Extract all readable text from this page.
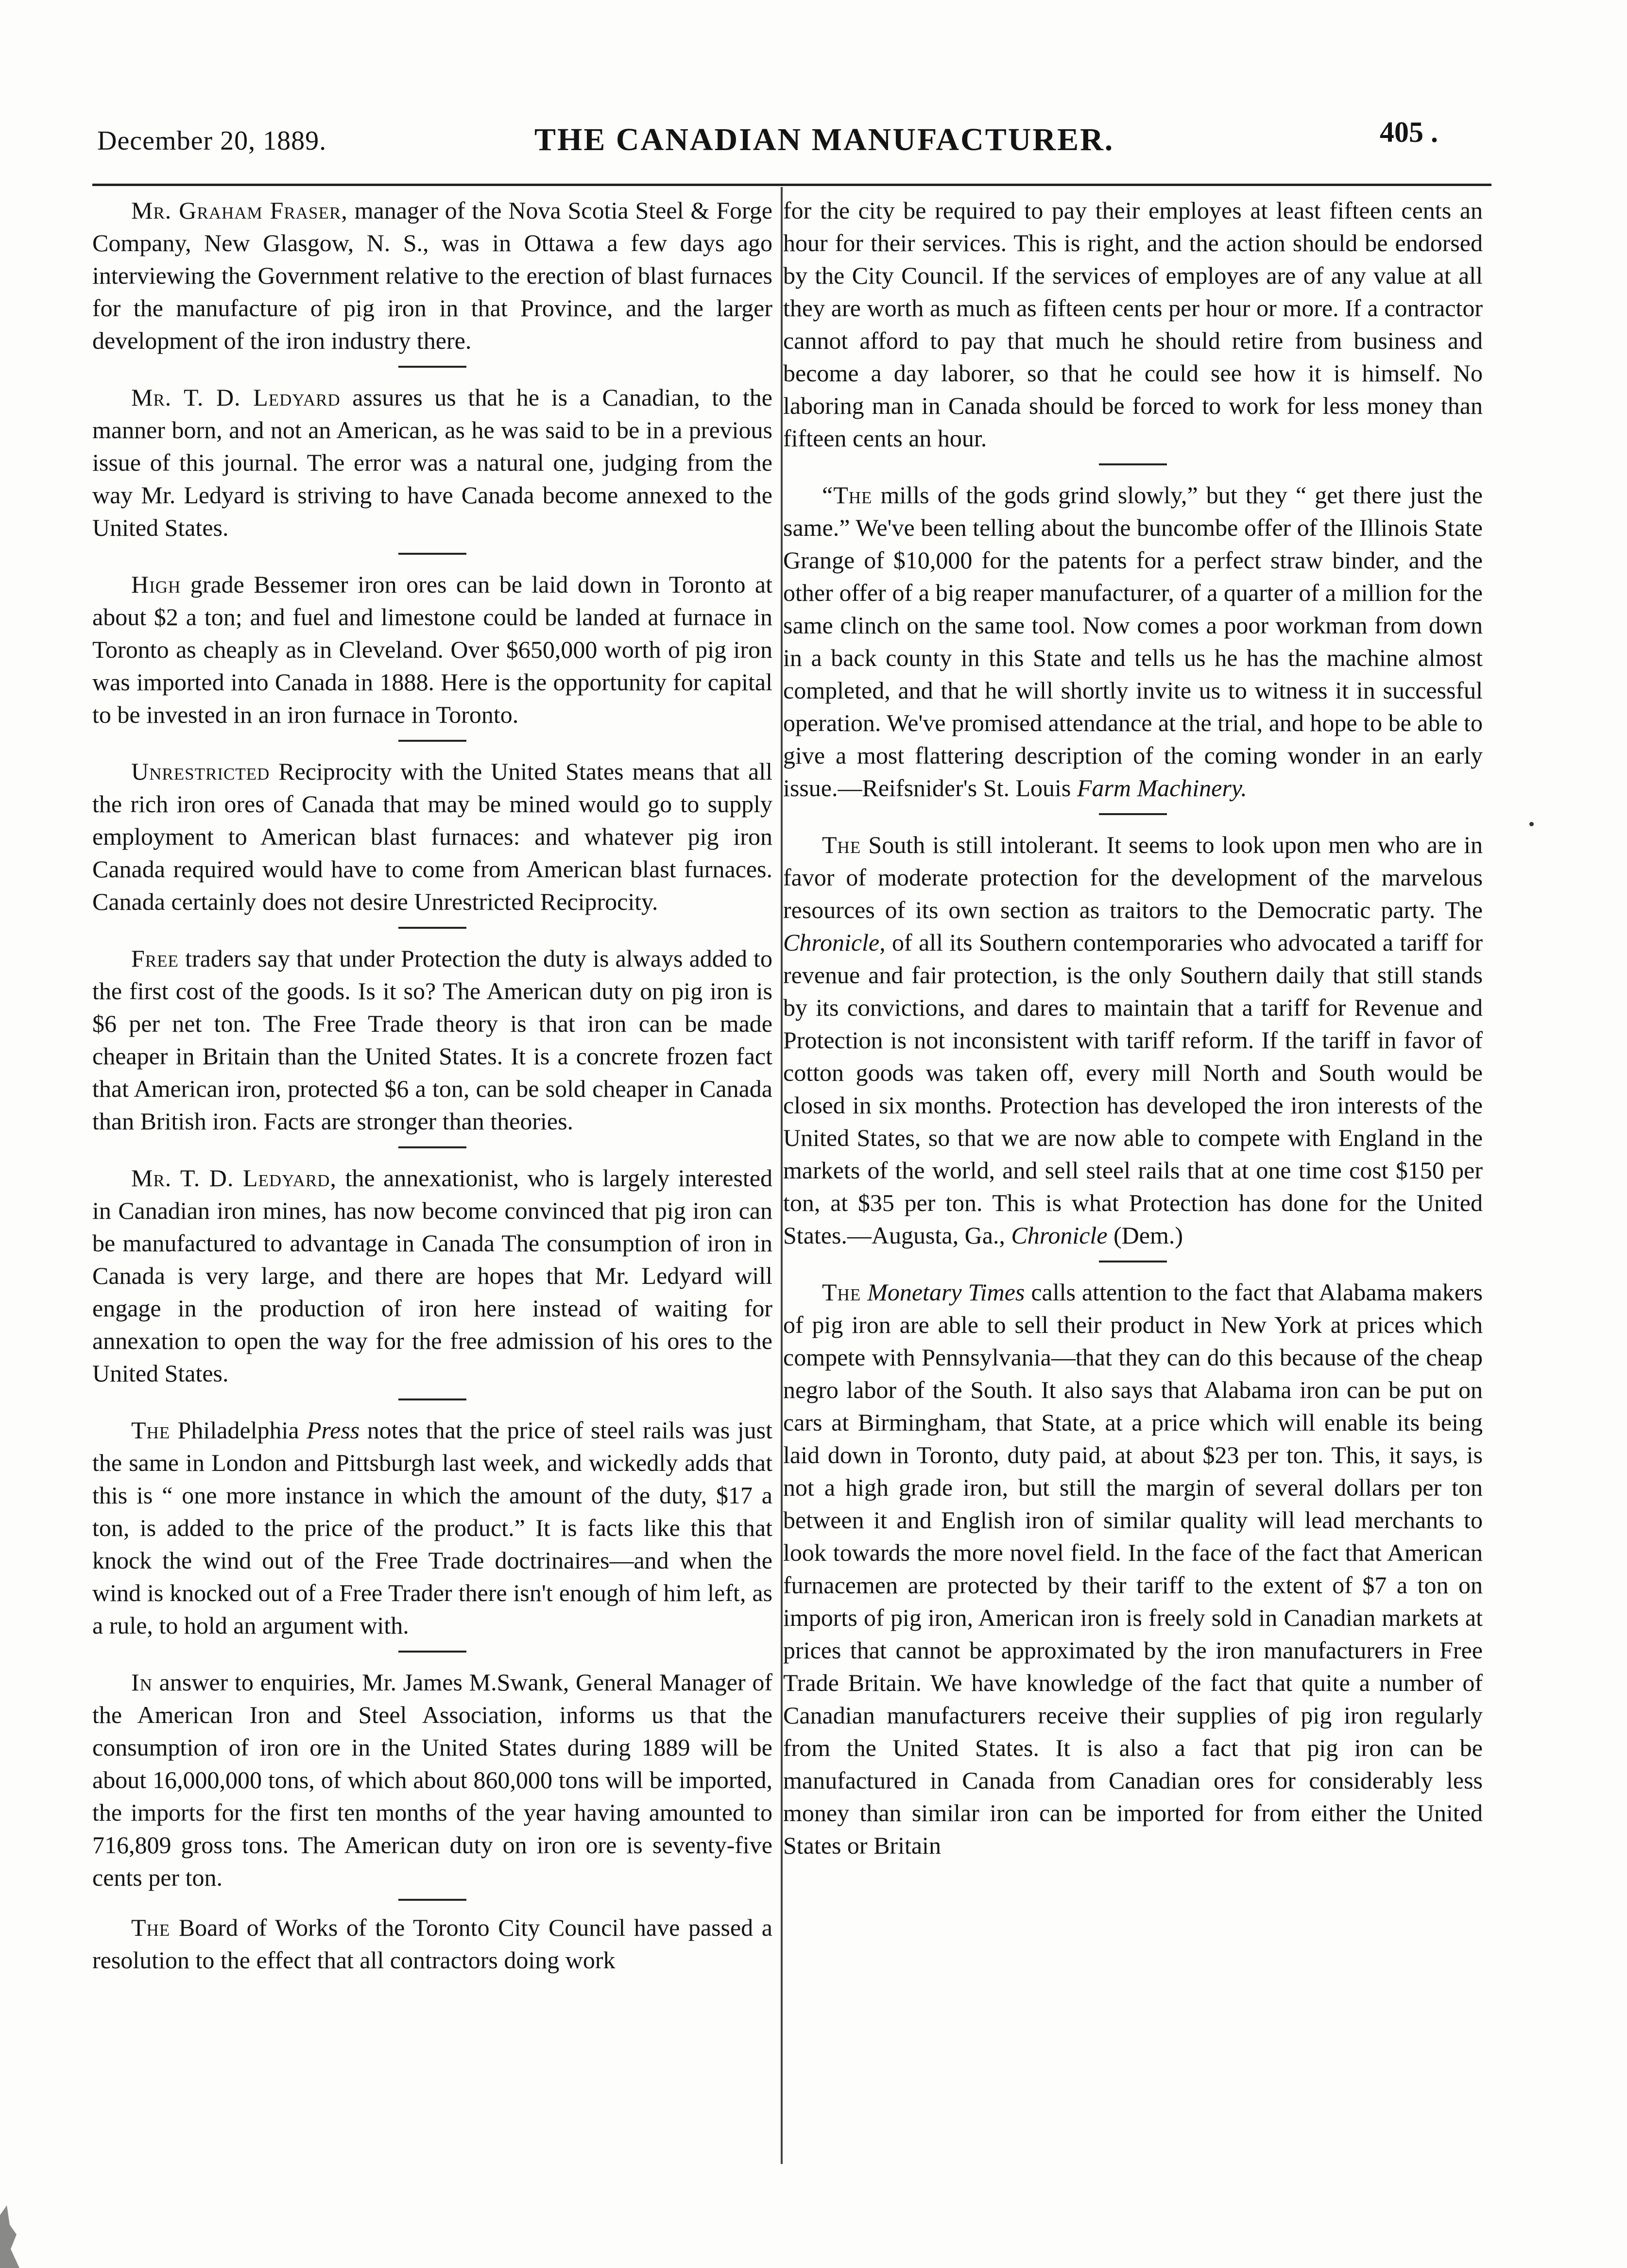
December 20, 1889.	THE CANADIAN MANUFACTURER.	405 .

Mr. Graham Fraser, manager of the Nova Scotia Steel & Forge Company, New Glasgow, N. S., was in Ottawa a few days ago interviewing the Government relative to the erection of blast furnaces for the manufacture of pig iron in that Province, and the larger development of the iron industry there.

Mr. T. D. Ledyard assures us that he is a Canadian, to the manner born, and not an American, as he was said to be in a previous issue of this journal. The error was a natural one, judging from the way Mr. Ledyard is striving to have Canada become annexed to the United States.

High grade Bessemer iron ores can be laid down in Toronto at about $2 a ton; and fuel and limestone could be landed at furnace in Toronto as cheaply as in Cleveland. Over $650,000 worth of pig iron was imported into Canada in 1888. Here is the opportunity for capital to be invested in an iron furnace in Toronto.

Unrestricted Reciprocity with the United States means that all the rich iron ores of Canada that may be mined would go to supply employment to American blast furnaces: and whatever pig iron Canada required would have to come from American blast furnaces. Canada certainly does not desire Unrestricted Reciprocity.

Free traders say that under Protection the duty is always added to the first cost of the goods. Is it so? The American duty on pig iron is $6 per net ton. The Free Trade theory is that iron can be made cheaper in Britain than the United States. It is a concrete frozen fact that American iron, protected $6 a ton, can be sold cheaper in Canada than British iron. Facts are stronger than theories.

Mr. T. D. Ledyard, the annexationist, who is largely interested in Canadian iron mines, has now become convinced that pig iron can be manufactured to advantage in Canada The consumption of iron in Canada is very large, and there are hopes that Mr. Ledyard will engage in the production of iron here instead of waiting for annexation to open the way for the free admission of his ores to the United States.

The Philadelphia Press notes that the price of steel rails was just the same in London and Pittsburgh last week, and wickedly adds that this is “ one more instance in which the amount of the duty, $17 a ton, is added to the price of the product.” It is facts like this that knock the wind out of the Free Trade doctrinaires—and when the wind is knocked out of a Free Trader there isn't enough of him left, as a rule, to hold an argument with.

In answer to enquiries, Mr. James M.Swank, General Manager of the American Iron and Steel Association, informs us that the consumption of iron ore in the United States during 1889 will be about 16,000,000 tons, of which about 860,000 tons will be imported, the imports for the first ten months of the year having amounted to 716,809 gross tons. The American duty on iron ore is seventy-five cents per ton.

The Board of Works of the Toronto City Council have passed a resolution to the effect that all contractors doing work

for the city be required to pay their employes at least fifteen cents an hour for their services. This is right, and the action should be endorsed by the City Council. If the services of employes are of any value at all they are worth as much as fifteen cents per hour or more. If a contractor cannot afford to pay that much he should retire from business and become a day laborer, so that he could see how it is himself. No laboring man in Canada should be forced to work for less money than fifteen cents an hour.

“The mills of the gods grind slowly,” but they “ get there just the same.” We've been telling about the buncombe offer of the Illinois State Grange of $10,000 for the patents for a perfect straw binder, and the other offer of a big reaper manufacturer, of a quarter of a million for the same clinch on the same tool. Now comes a poor workman from down in a back county in this State and tells us he has the machine almost completed, and that he will shortly invite us to witness it in successful operation. We've promised attendance at the trial, and hope to be able to give a most flattering description of the coming wonder in an early issue.—Reifsnider's St. Louis Farm Machinery.

The South is still intolerant. It seems to look upon men who are in favor of moderate protection for the development of the marvelous resources of its own section as traitors to the Democratic party. The Chronicle, of all its Southern contemporaries who advocated a tariff for revenue and fair protection, is the only Southern daily that still stands by its convictions, and dares to maintain that a tariff for Revenue and Protection is not inconsistent with tariff reform. If the tariff in favor of cotton goods was taken off, every mill North and South would be closed in six months. Protection has developed the iron interests of the United States, so that we are now able to compete with England in the markets of the world, and sell steel rails that at one time cost $150 per ton, at $35 per ton. This is what Protection has done for the United States.—Augusta, Ga., Chronicle (Dem.)

The Monetary Times calls attention to the fact that Alabama makers of pig iron are able to sell their product in New York at prices which compete with Pennsylvania—that they can do this because of the cheap negro labor of the South. It also says that Alabama iron can be put on cars at Birmingham, that State, at a price which will enable its being laid down in Toronto, duty paid, at about $23 per ton. This, it says, is not a high grade iron, but still the margin of several dollars per ton between it and English iron of similar quality will lead merchants to look towards the more novel field. In the face of the fact that American furnacemen are protected by their tariff to the extent of $7 a ton on imports of pig iron, American iron is freely sold in Canadian markets at prices that cannot be approximated by the iron manufacturers in Free Trade Britain. We have knowledge of the fact that quite a number of Canadian manufacturers receive their supplies of pig iron regularly from the United States. It is also a fact that pig iron can be manufactured in Canada from Canadian ores for considerably less money than similar iron can be imported for from either the United States or Britain
